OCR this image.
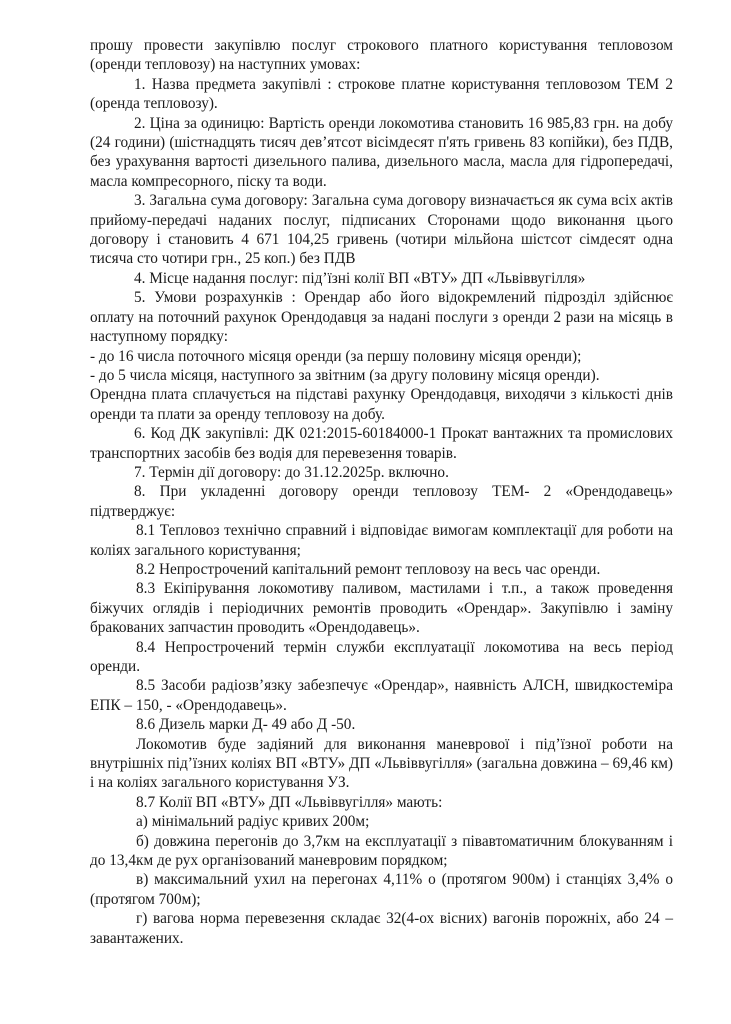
прошу провести закупівлю послуг строкового платного користування тепловозом (оренди тепловозу) на наступних умовах:

1. Назва предмета закупівлі : строкове платне користування тепловозом ТЕМ 2 (оренда тепловозу).

2. Ціна за одиницю: Вартість оренди локомотива становить 16 985,83 грн. на добу (24 години) (шістнадцять тисяч дев’ятсот вісімдесят п'ять гривень 83 копійки), без ПДВ, без урахування вартості дизельного палива, дизельного масла, масла для гідропередачі, масла компресорного, піску та води.

3. Загальна сума договору: Загальна сума договору визначається як сума всіх актів прийому-передачі наданих послуг, підписаних Сторонами щодо виконання цього договору і становить 4 671 104,25 гривень (чотири мільйона шістсот сімдесят одна тисяча сто чотири грн., 25 коп.) без ПДВ

4. Місце надання послуг: під’їзні колії ВП «ВТУ» ДП «Львіввугілля»

5. Умови розрахунків : Орендар або його відокремлений підрозділ здійснює оплату на поточний рахунок Орендодавця за надані послуги з оренди 2 рази на місяць в наступному порядку:

- до 16 числа поточного місяця оренди (за першу половину місяця оренди);

- до 5 числа місяця, наступного за звітним (за другу половину місяця оренди).

Орендна плата сплачується на підставі рахунку Орендодавця, виходячи з кількості днів оренди та плати за оренду тепловозу на добу.

6. Код ДК закупівлі: ДК 021:2015-60184000-1 Прокат вантажних та промислових транспортних засобів без водія для перевезення товарів.

7. Термін дії договору: до 31.12.2025р. включно.

8. При укладенні договору оренди тепловозу ТЕМ- 2 «Орендодавець» підтверджує:

8.1 Тепловоз технічно справний і відповідає вимогам комплектації для роботи на коліях загального користування;

8.2 Непрострочений капітальний ремонт тепловозу на весь час оренди.

8.3 Екіпірування локомотиву паливом, мастилами і т.п., а також проведення біжучих оглядів і періодичних ремонтів проводить «Орендар». Закупівлю і заміну бракованих запчастин проводить «Орендодавець».

8.4 Непрострочений термін служби експлуатації локомотива на весь період оренди.

8.5 Засоби радіозв’язку забезпечує «Орендар», наявність АЛСН, швидкостеміра ЕПК – 150, - «Орендодавець».

8.6 Дизель марки Д- 49 або Д -50.

Локомотив буде задіяний для виконання маневрової і під’їзної роботи на внутрішніх під’їзних коліях ВП «ВТУ» ДП «Львіввугілля» (загальна довжина – 69,46 км) і на коліях загального користування УЗ.

8.7 Колії ВП «ВТУ» ДП «Львіввугілля» мають:

а) мінімальний радіус кривих 200м;

б) довжина перегонів до 3,7км на експлуатації з півавтоматичним блокуванням і до 13,4км де рух організований маневровим порядком;

в) максимальний ухил на перегонах 4,11% о (протягом 900м) і станціях 3,4% о (протягом 700м);

г) вагова норма перевезення складає 32(4-ох вісних) вагонів порожніх, або 24 – завантажених.
